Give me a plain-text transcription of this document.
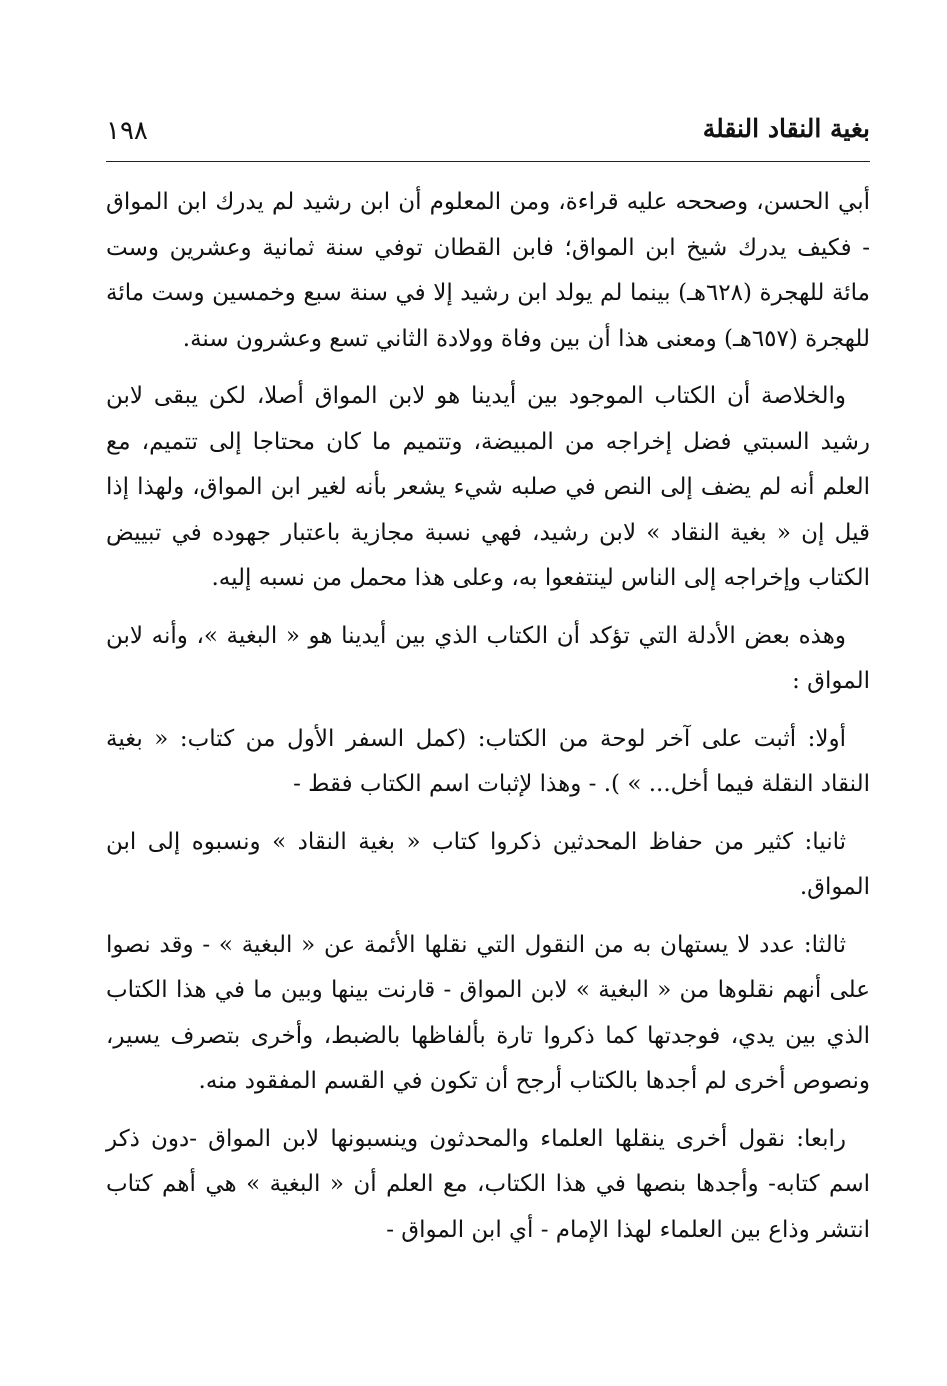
١٩٨	بغية النقاد النقلة

أبي الحسن، وصححه عليه قراءة، ومن المعلوم أن ابن رشيد لم يدرك ابن المواق - فكيف يدرك شيخ ابن المواق؛ فابن القطان توفي سنة ثمانية وعشرين وست مائة للهجرة (٦٢٨هـ) بينما لم يولد ابن رشيد إلا في سنة سبع وخمسين وست مائة للهجرة (٦٥٧هـ) ومعنى هذا أن بين وفاة وولادة الثاني تسع وعشرون سنة.

والخلاصة أن الكتاب الموجود بين أيدينا هو لابن المواق أصلا، لكن يبقى لابن رشيد السبتي فضل إخراجه من المبيضة، وتتميم ما كان محتاجا إلى تتميم، مع العلم أنه لم يضف إلى النص في صلبه شيء يشعر بأنه لغير ابن المواق، ولهذا إذا قيل إن « بغية النقاد » لابن رشيد، فهي نسبة مجازية باعتبار جهوده في تبييض الكتاب وإخراجه إلى الناس لينتفعوا به، وعلى هذا محمل من نسبه إليه.

وهذه بعض الأدلة التي تؤكد أن الكتاب الذي بين أيدينا هو « البغية »، وأنه لابن المواق :

أولا: أثبت على آخر لوحة من الكتاب: (كمل السفر الأول من كتاب: « بغية النقاد النقلة فيما أخل... » ). - وهذا لإثبات اسم الكتاب فقط -

ثانيا: كثير من حفاظ المحدثين ذكروا كتاب « بغية النقاد » ونسبوه إلى ابن المواق.

ثالثا: عدد لا يستهان به من النقول التي نقلها الأئمة عن « البغية » - وقد نصوا على أنهم نقلوها من « البغية » لابن المواق - قارنت بينها وبين ما في هذا الكتاب الذي بين يدي، فوجدتها كما ذكروا تارة بألفاظها بالضبط، وأخرى بتصرف يسير، ونصوص أخرى لم أجدها بالكتاب أرجح أن تكون في القسم المفقود منه.

رابعا: نقول أخرى ينقلها العلماء والمحدثون وينسبونها لابن المواق -دون ذكر اسم كتابه- وأجدها بنصها في هذا الكتاب، مع العلم أن « البغية » هي أهم كتاب انتشر وذاع بين العلماء لهذا الإمام - أي ابن المواق -
